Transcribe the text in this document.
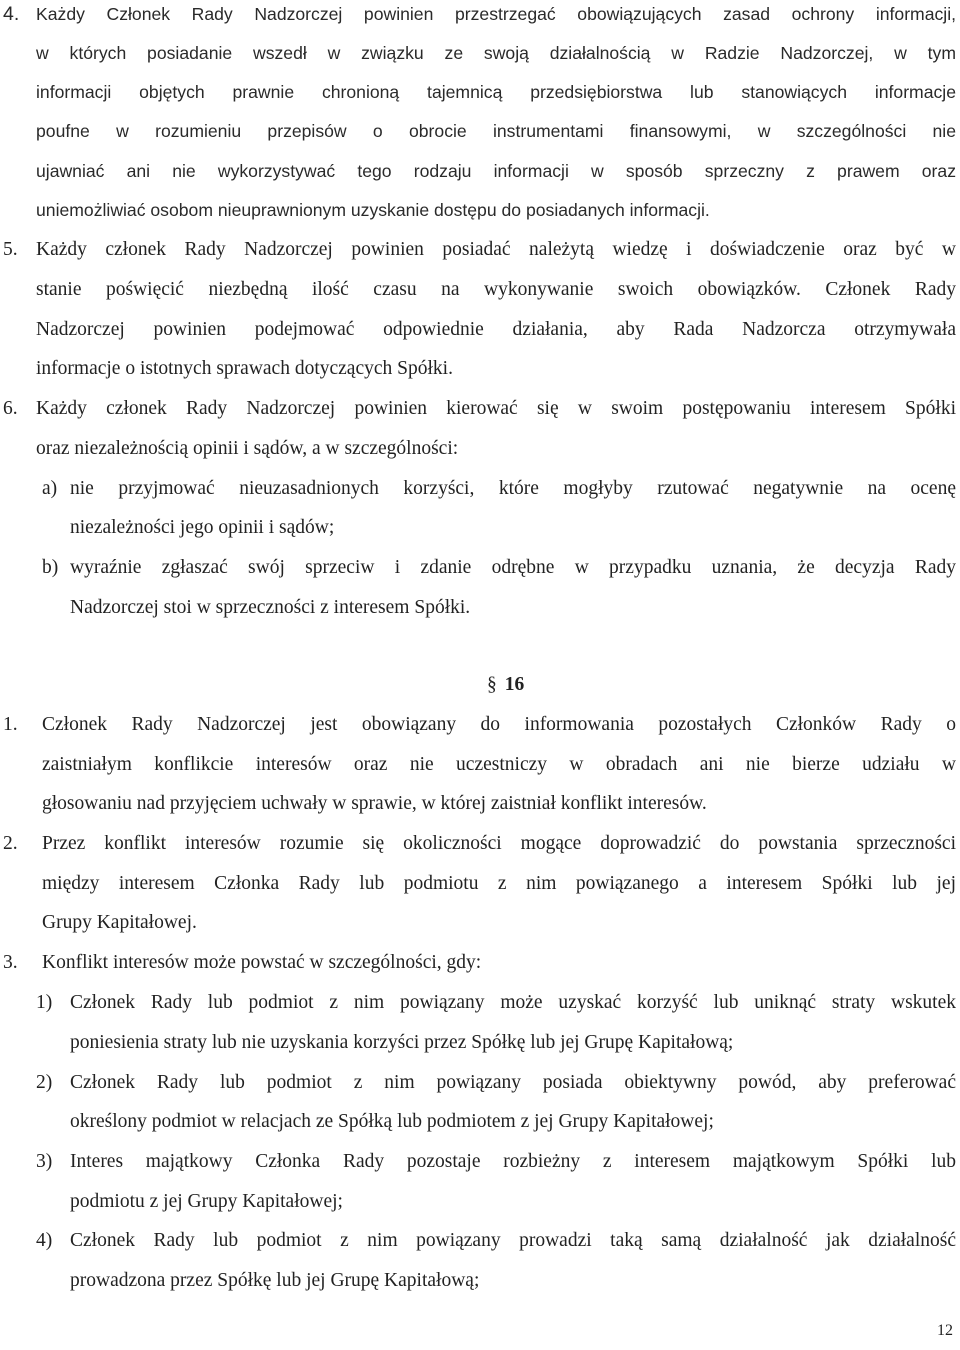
4. Każdy Członek Rady Nadzorczej powinien przestrzegać obowiązujących zasad ochrony informacji,
w których posiadanie wszedł w związku ze swoją działalnością w Radzie Nadzorczej, w tym
informacji objętych prawnie chronioną tajemnicą przedsiębiorstwa lub stanowiących informacje
poufne w rozumieniu przepisów o obrocie instrumentami finansowymi, w szczególności nie
ujawniać ani nie wykorzystywać tego rodzaju informacji w sposób sprzeczny z prawem oraz
uniemożliwiać osobom nieuprawnionym uzyskanie dostępu do posiadanych informacji.
5. Każdy członek Rady Nadzorczej powinien posiadać należytą wiedzę i doświadczenie oraz być w
stanie poświęcić niezbędną ilość czasu na wykonywanie swoich obowiązków. Członek Rady
Nadzorczej powinien podejmować odpowiednie działania, aby Rada Nadzorcza otrzymywała
informacje o istotnych sprawach dotyczących Spółki.
6. Każdy członek Rady Nadzorczej powinien kierować się w swoim postępowaniu interesem Spółki
oraz niezależnością opinii i sądów, a w szczególności:
a) nie przyjmować nieuzasadnionych korzyści, które mogłyby rzutować negatywnie na ocenę
niezależności jego opinii i sądów;
b) wyraźnie zgłaszać swój sprzeciw i zdanie odrębne w przypadku uznania, że decyzja Rady
Nadzorczej stoi w sprzeczności z interesem Spółki.
§ 16
1. Członek Rady Nadzorczej jest obowiązany do informowania pozostałych Członków Rady o
zaistniałym konflikcie interesów oraz nie uczestniczy w obradach ani nie bierze udziału w
głosowaniu nad przyjęciem uchwały w sprawie, w której zaistniał konflikt interesów.
2. Przez konflikt interesów rozumie się okoliczności mogące doprowadzić do powstania sprzeczności
między interesem Członka Rady lub podmiotu z nim powiązanego a interesem Spółki lub jej
Grupy Kapitałowej.
3. Konflikt interesów może powstać w szczególności, gdy:
1) Członek Rady lub podmiot z nim powiązany może uzyskać korzyść lub uniknąć straty wskutek
poniesienia straty lub nie uzyskania korzyści przez Spółkę lub jej Grupę Kapitałową;
2) Członek Rady lub podmiot z nim powiązany posiada obiektywny powód, aby preferować
określony podmiot w relacjach ze Spółką lub podmiotem z jej Grupy Kapitałowej;
3) Interes majątkowy Członka Rady pozostaje rozbieżny z interesem majątkowym Spółki lub
podmiotu z jej Grupy Kapitałowej;
4) Członek Rady lub podmiot z nim powiązany prowadzi taką samą działalność jak działalność
prowadzona przez Spółkę lub jej Grupę Kapitałową;
12
